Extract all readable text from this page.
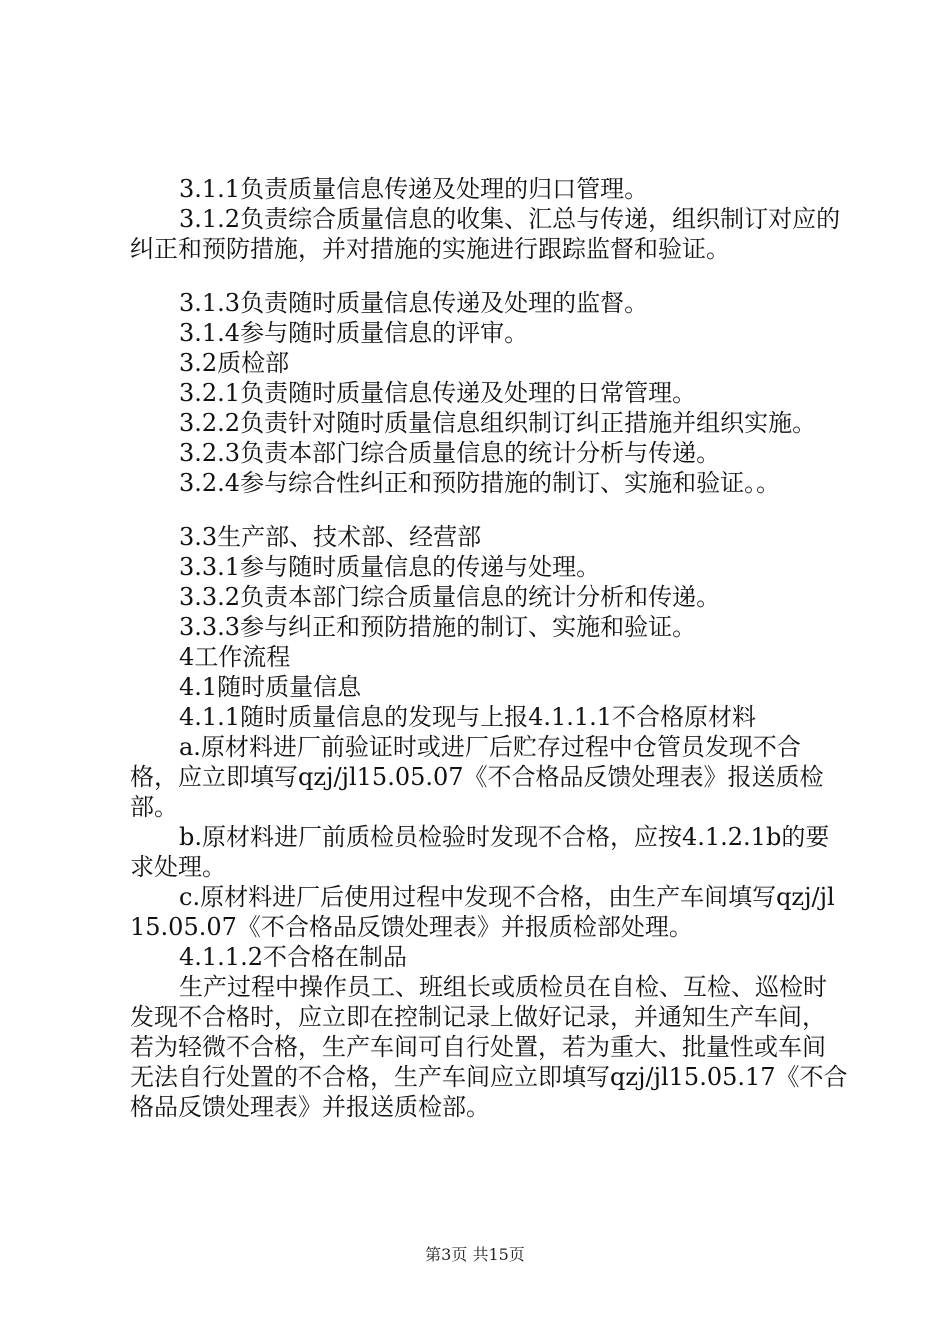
3.1.1负责质量信息传递及处理的归口管理。

3.1.2负责综合质量信息的收集、汇总与传递，组织制订对应的纠正和预防措施，并对措施的实施进行跟踪监督和验证。

3.1.3负责随时质量信息传递及处理的监督。

3.1.4参与随时质量信息的评审。

3.2质检部

3.2.1负责随时质量信息传递及处理的日常管理。

3.2.2负责针对随时质量信息组织制订纠正措施并组织实施。

3.2.3负责本部门综合质量信息的统计分析与传递。

3.2.4参与综合性纠正和预防措施的制订、实施和验证。。

3.3生产部、技术部、经营部

3.3.1参与随时质量信息的传递与处理。

3.3.2负责本部门综合质量信息的统计分析和传递。

3.3.3参与纠正和预防措施的制订、实施和验证。

4工作流程

4.1随时质量信息

4.1.1随时质量信息的发现与上报4.1.1.1不合格原材料

a.原材料进厂前验证时或进厂后贮存过程中仓管员发现不合格，应立即填写qzj/jl15.05.07《不合格品反馈处理表》报送质检部。

b.原材料进厂前质检员检验时发现不合格，应按4.1.2.1b的要求处理。

c.原材料进厂后使用过程中发现不合格，由生产车间填写qzj/jl15.05.07《不合格品反馈处理表》并报质检部处理。

4.1.1.2不合格在制品

生产过程中操作员工、班组长或质检员在自检、互检、巡检时发现不合格时，应立即在控制记录上做好记录，并通知生产车间，若为轻微不合格，生产车间可自行处置，若为重大、批量性或车间无法自行处置的不合格，生产车间应立即填写qzj/jl15.05.17《不合格品反馈处理表》并报送质检部。

第3页 共15页
